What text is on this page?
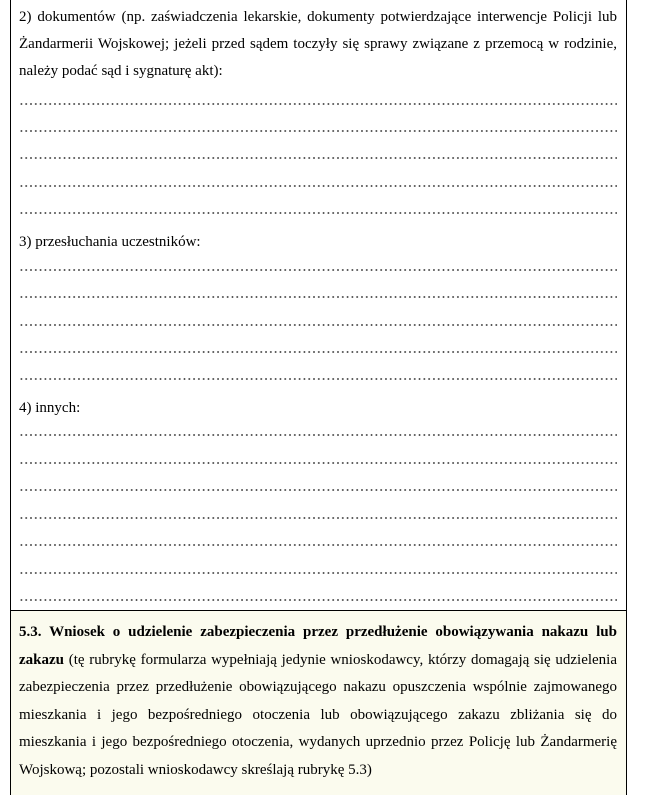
2) dokumentów (np. zaświadczenia lekarskie, dokumenty potwierdzające interwencje Policji lub Żandarmerii Wojskowej; jeżeli przed sądem toczyły się sprawy związane z przemocą w rodzinie, należy podać sąd i sygnaturę akt):

3) przesłuchania uczestników:

4) innych:

5.3. Wniosek o udzielenie zabezpieczenia przez przedłużenie obowiązywania nakazu lub zakazu (tę rubrykę formularza wypełniają jedynie wnioskodawcy, którzy domagają się udzielenia zabezpieczenia przez przedłużenie obowiązującego nakazu opuszczenia wspólnie zajmowanego mieszkania i jego bezpośredniego otoczenia lub obowiązującego zakazu zbliżania się do mieszkania i jego bezpośredniego otoczenia, wydanych uprzednio przez Policję lub Żandarmerię Wojskową; pozostali wnioskodawcy skreślają rubrykę 5.3)
